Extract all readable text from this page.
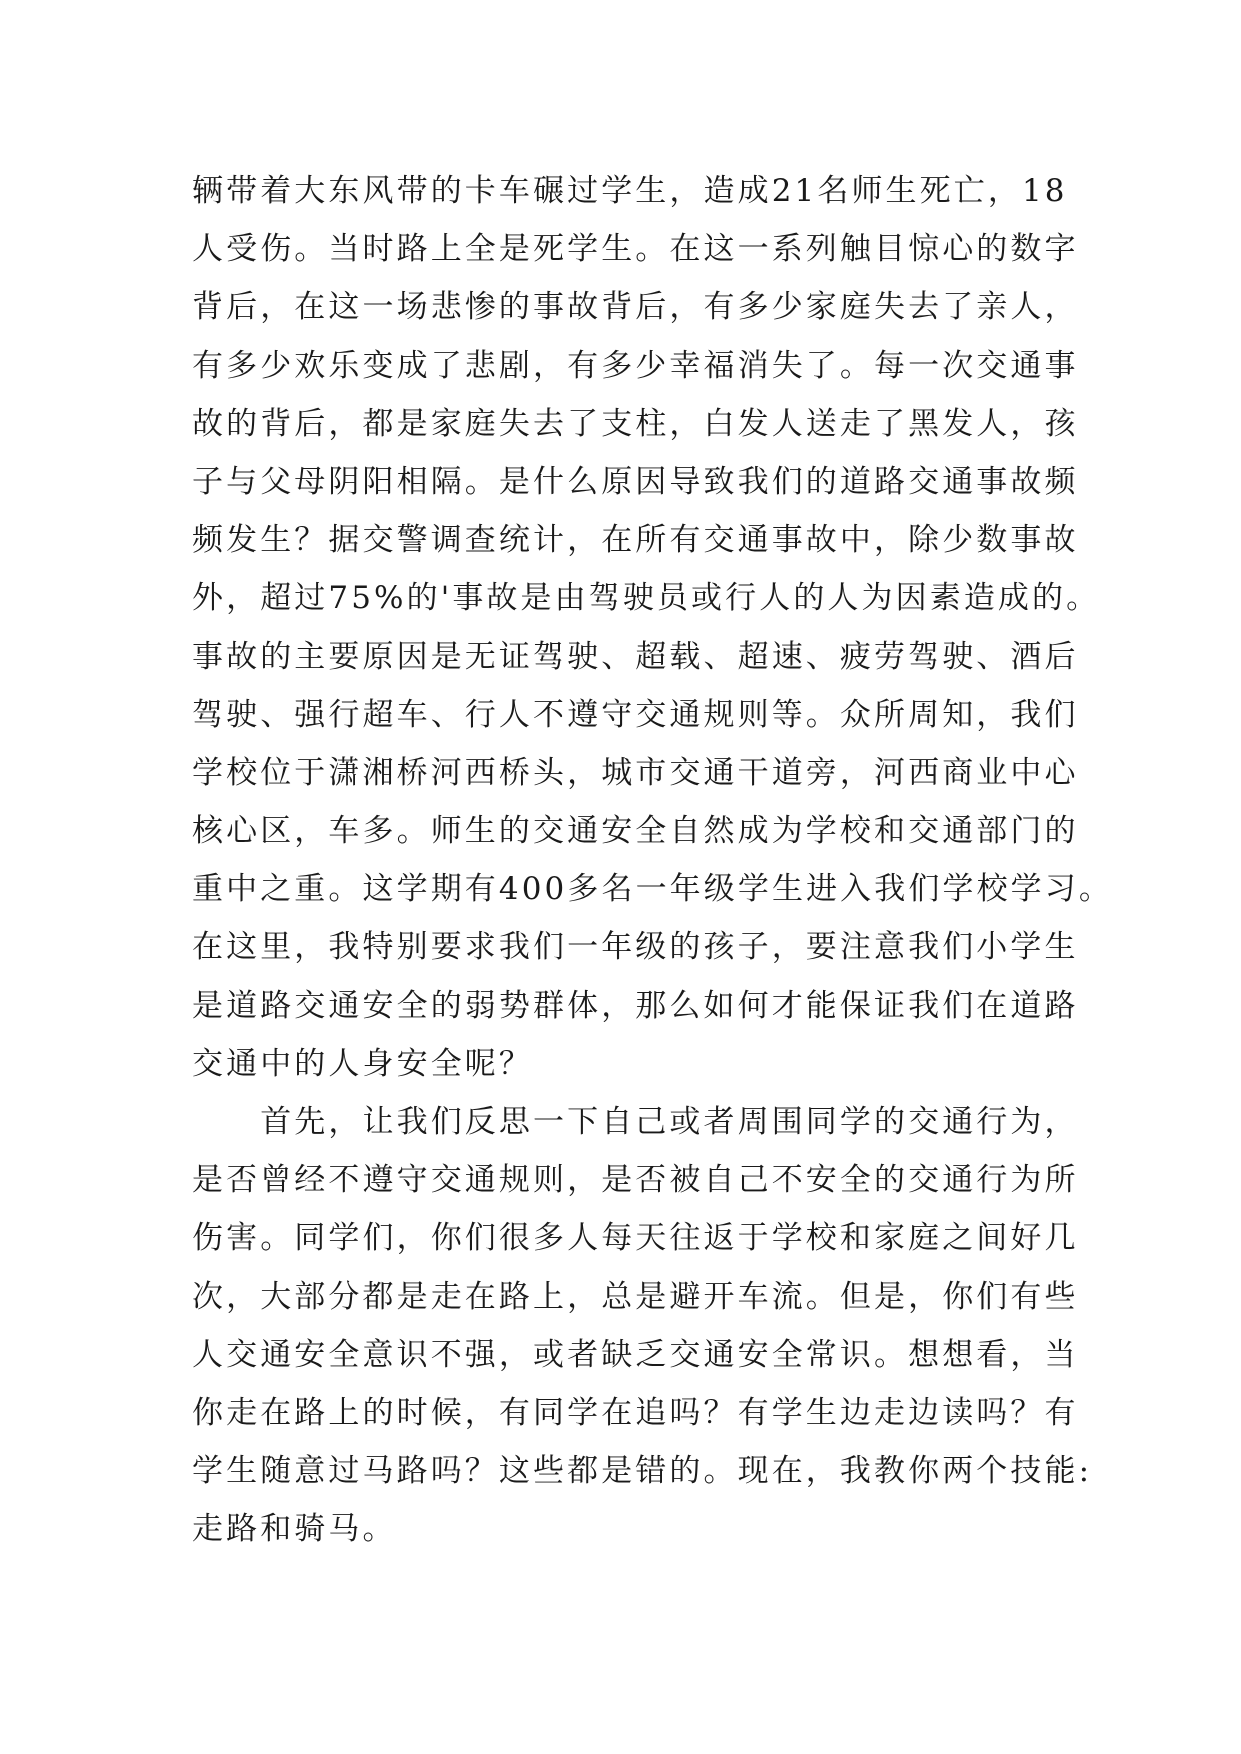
辆带着大东风带的卡车碾过学生，造成21名师生死亡，18
人受伤。当时路上全是死学生。在这一系列触目惊心的数字
背后，在这一场悲惨的事故背后，有多少家庭失去了亲人，
有多少欢乐变成了悲剧，有多少幸福消失了。每一次交通事
故的背后，都是家庭失去了支柱，白发人送走了黑发人，孩
子与父母阴阳相隔。是什么原因导致我们的道路交通事故频
频发生？据交警调查统计，在所有交通事故中，除少数事故
外，超过75%的'事故是由驾驶员或行人的人为因素造成的。
事故的主要原因是无证驾驶、超载、超速、疲劳驾驶、酒后
驾驶、强行超车、行人不遵守交通规则等。众所周知，我们
学校位于潇湘桥河西桥头，城市交通干道旁，河西商业中心
核心区，车多。师生的交通安全自然成为学校和交通部门的
重中之重。这学期有400多名一年级学生进入我们学校学习。
在这里，我特别要求我们一年级的孩子，要注意我们小学生
是道路交通安全的弱势群体，那么如何才能保证我们在道路
交通中的人身安全呢？
　　首先，让我们反思一下自己或者周围同学的交通行为，
是否曾经不遵守交通规则，是否被自己不安全的交通行为所
伤害。同学们，你们很多人每天往返于学校和家庭之间好几
次，大部分都是走在路上，总是避开车流。但是，你们有些
人交通安全意识不强，或者缺乏交通安全常识。想想看，当
你走在路上的时候，有同学在追吗？有学生边走边读吗？有
学生随意过马路吗？这些都是错的。现在，我教你两个技能:
走路和骑马。
